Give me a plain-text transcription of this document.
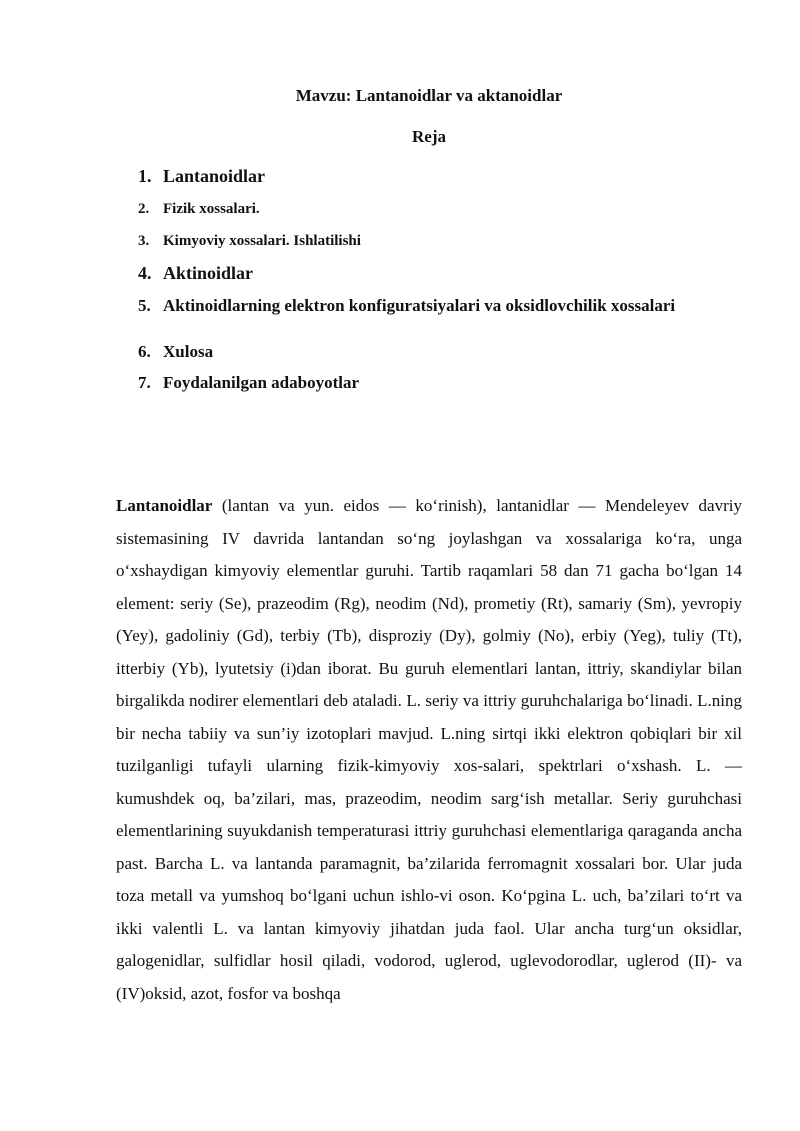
Mavzu: Lantanoidlar va aktanoidlar
Reja
1. Lantanoidlar
2. Fizik xossalari.
3. Kimyoviy xossalari. Ishlatilishi
4. Aktinoidlar
5. Aktinoidlarning elektron konfiguratsiyalari va oksidlovchilik xossalari
6. Xulosa
7. Foydalanilgan adaboyotlar

Lantanoidlar (lantan va yun. eidos — koʻrinish), lantanidlar — Mendeleyev davriy sistemasining IV davrida lantandan soʻng joylashgan va xossalariga koʻra, unga oʻxshaydigan kimyoviy elementlar guruhi. Tartib raqamlari 58 dan 71 gacha boʻlgan 14 element: seriy (Se), prazeodim (Rg), neodim (Nd), prometiy (Rt), samariy (Sm), yevropiy (Yey), gadoliniy (Gd), terbiy (Tb), disproziy (Dy), golmiy (No), erbiy (Yeg), tuliy (Tt), itterbiy (Yb), lyutetsiy (i)dan iborat. Bu guruh elementlari lantan, ittriy, skandiylar bilan birgalikda nodirer elementlari deb ataladi. L. seriy va ittriy guruhchalariga boʻlinadi. L.ning bir necha tabiiy va sun’iy izotoplari mavjud. L.ning sirtqi ikki elektron qobiqlari bir xil tuzilganligi tufayli ularning fizik-kimyoviy xos-salari, spektrlari oʻxshash. L. — kumushdek oq, ba’zilari, mas, prazeodim, neodim sargʻish metallar. Seriy guruhchasi elementlarining suyukdanish temperaturasi ittriy guruhchasi elementlariga qaraganda ancha past. Barcha L. va lantanda paramagnit, ba’zilarida ferromagnit xossalari bor. Ular juda toza metall va yumshoq boʻlgani uchun ishlo-vi oson. Koʻpgina L. uch, ba’zilari toʻrt va ikki valentli L. va lantan kimyoviy jihatdan juda faol. Ular ancha turgʻun oksidlar, galogenidlar, sulfidlar hosil qiladi, vodorod, uglerod, uglevodorodlar, uglerod (II)- va (IV)oksid, azot, fosfor va boshqa
